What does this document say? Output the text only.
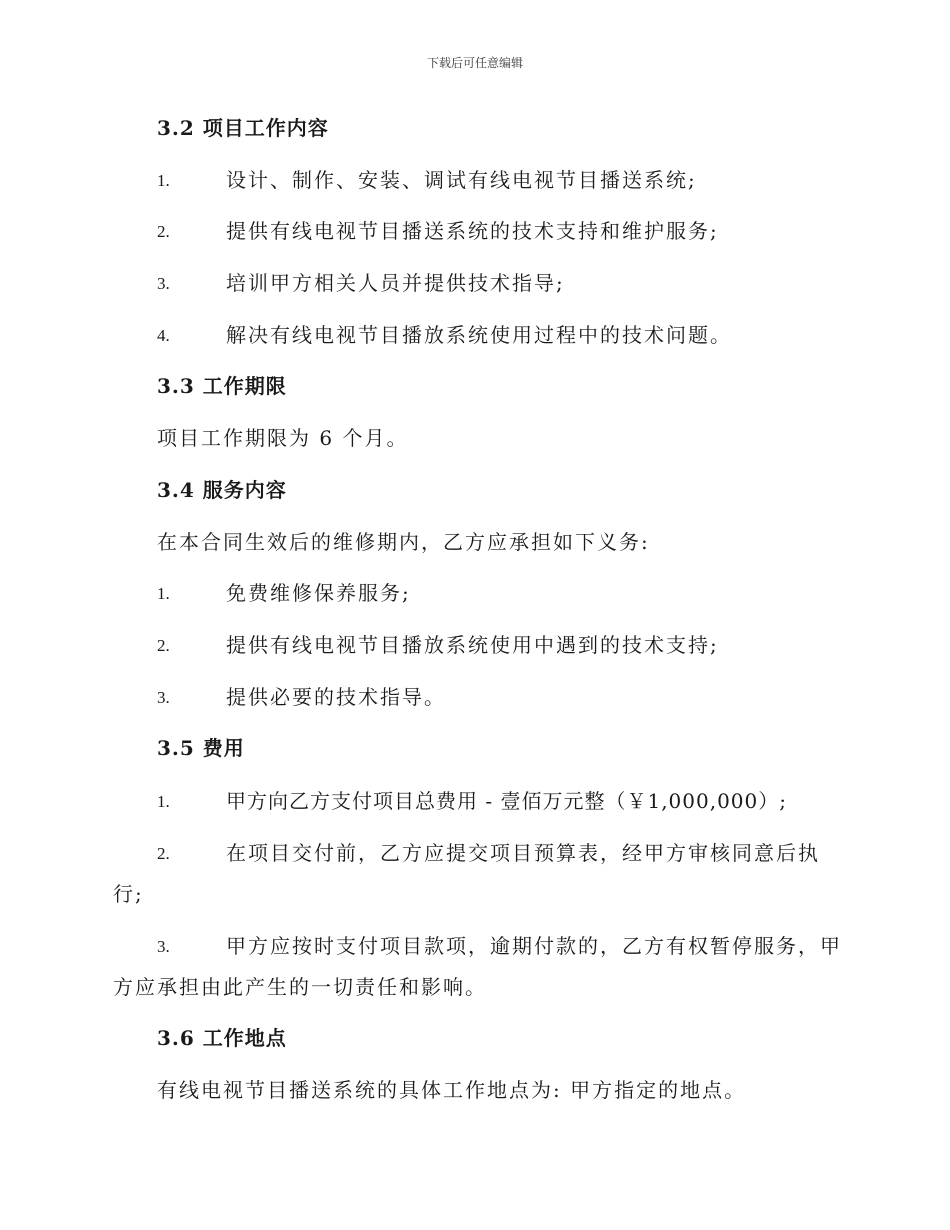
下载后可任意编辑
3.2 项目工作内容
1.	设计、制作、安装、调试有线电视节目播送系统;
2.	提供有线电视节目播送系统的技术支持和维护服务;
3.	培训甲方相关人员并提供技术指导;
4.	解决有线电视节目播放系统使用过程中的技术问题。
3.3 工作期限
项目工作期限为 6 个月。
3.4 服务内容
在本合同生效后的维修期内，乙方应承担如下义务:
1.	免费维修保养服务;
2.	提供有线电视节目播放系统使用中遇到的技术支持;
3.	提供必要的技术指导。
3.5 费用
1.	甲方向乙方支付项目总费用 - 壹佰万元整（￥1,000,000）;
2.	在项目交付前，乙方应提交项目预算表，经甲方审核同意后执
行;
3.	甲方应按时支付项目款项，逾期付款的，乙方有权暂停服务，甲
方应承担由此产生的一切责任和影响。
3.6 工作地点
有线电视节目播送系统的具体工作地点为: 甲方指定的地点。
